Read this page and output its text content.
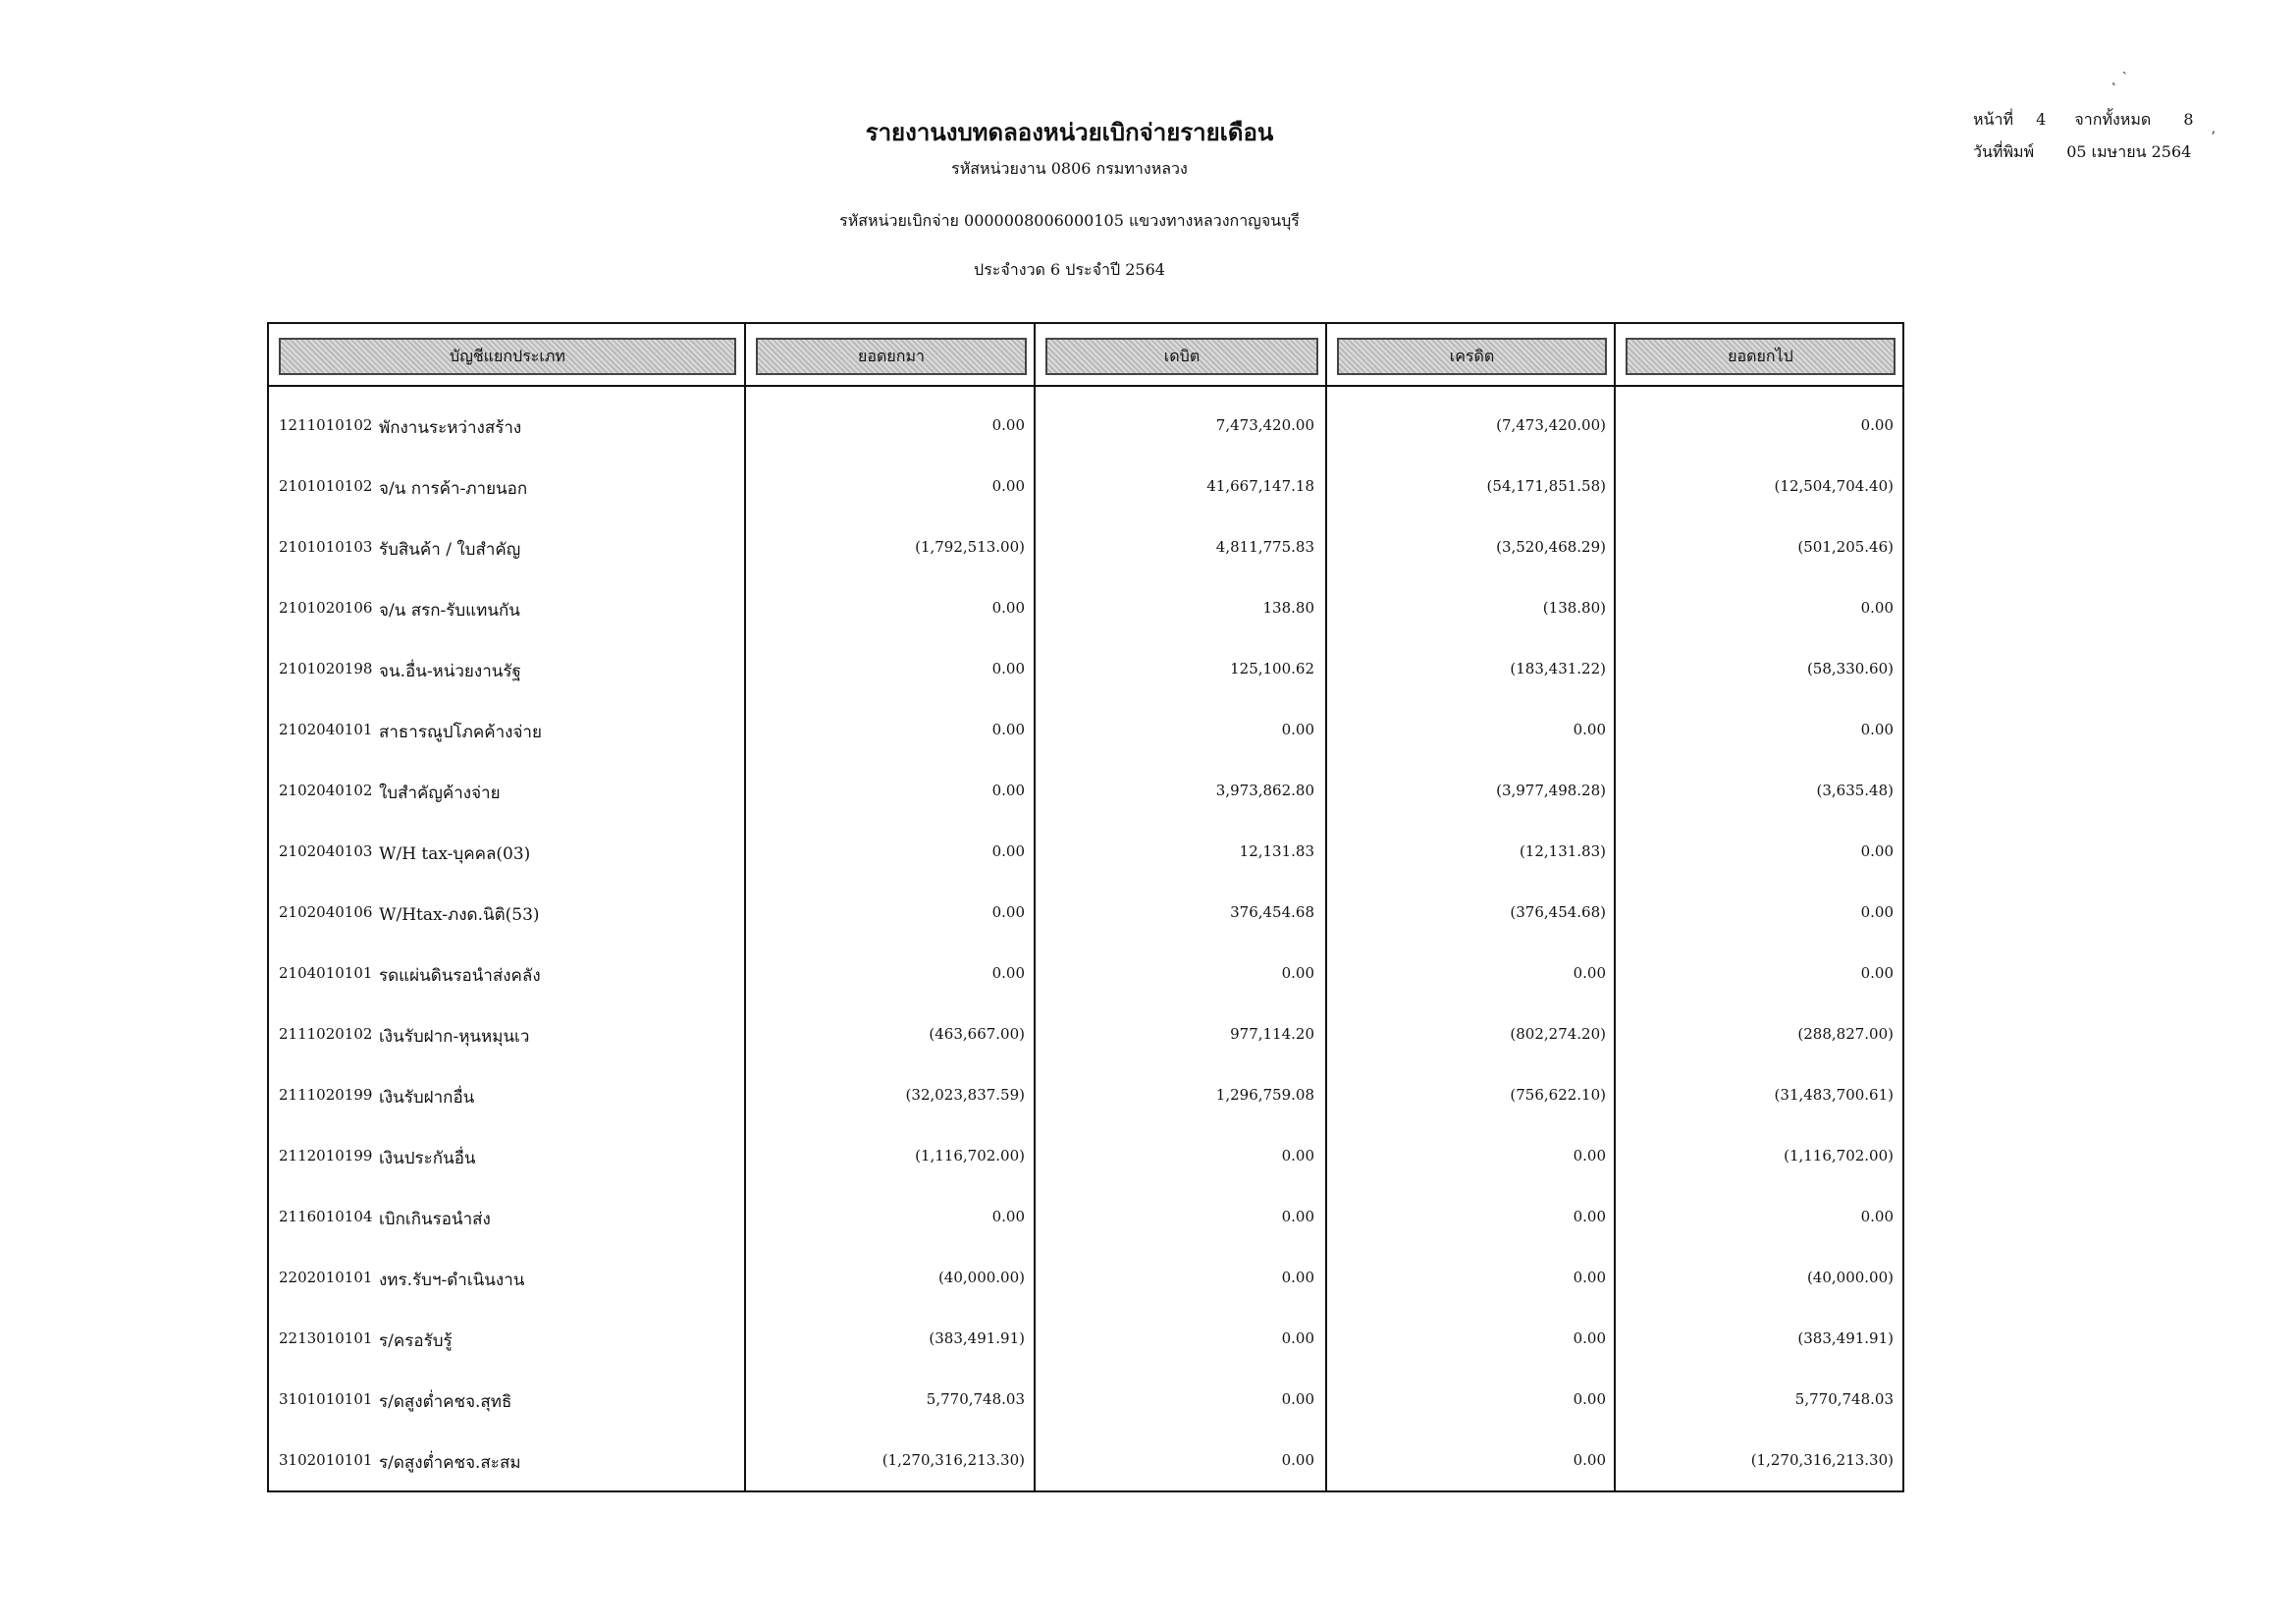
รายงานงบทดลองหน่วยเบิกจ่ายรายเดือน
รหัสหน่วยงาน 0806 กรมทางหลวง
รหัสหน่วยเบิกจ่าย 0000008006000105 แขวงทางหลวงกาญจนบุรี
ประจำงวด 6 ประจำปี 2564
หน้าที่ 4 จากทั้งหมด 8
วันที่พิมพ์ 05 เมษายน 2564
˛ ˋ
ʼ
บัญชีแยกประเภท	ยอดยกมา	เดบิต	เครดิต	ยอดยกไป
1211010102 พักงานระหว่างสร้าง	0.00	7,473,420.00	(7,473,420.00)	0.00
2101010102 จ/น การค้า-ภายนอก	0.00	41,667,147.18	(54,171,851.58)	(12,504,704.40)
2101010103 รับสินค้า / ใบสำคัญ	(1,792,513.00)	4,811,775.83	(3,520,468.29)	(501,205.46)
2101020106 จ/น สรก-รับแทนกัน	0.00	138.80	(138.80)	0.00
2101020198 จน.อื่น-หน่วยงานรัฐ	0.00	125,100.62	(183,431.22)	(58,330.60)
2102040101 สาธารณูปโภคค้างจ่าย	0.00	0.00	0.00	0.00
2102040102 ใบสำคัญค้างจ่าย	0.00	3,973,862.80	(3,977,498.28)	(3,635.48)
2102040103 W/H tax-บุคคล(03)	0.00	12,131.83	(12,131.83)	0.00
2102040106 W/Htax-ภงด.นิติ(53)	0.00	376,454.68	(376,454.68)	0.00
2104010101 รดแผ่นดินรอนำส่งคลัง	0.00	0.00	0.00	0.00
2111020102 เงินรับฝาก-หุนหมุนเว	(463,667.00)	977,114.20	(802,274.20)	(288,827.00)
2111020199 เงินรับฝากอื่น	(32,023,837.59)	1,296,759.08	(756,622.10)	(31,483,700.61)
2112010199 เงินประกันอื่น	(1,116,702.00)	0.00	0.00	(1,116,702.00)
2116010104 เบิกเกินรอนำส่ง	0.00	0.00	0.00	0.00
2202010101 งทร.รับฯ-ดำเนินงาน	(40,000.00)	0.00	0.00	(40,000.00)
2213010101 ร/ครอรับรู้	(383,491.91)	0.00	0.00	(383,491.91)
3101010101 ร/ดสูงต่ำคชจ.สุทธิ	5,770,748.03	0.00	0.00	5,770,748.03
3102010101 ร/ดสูงต่ำคชจ.สะสม	(1,270,316,213.30)	0.00	0.00	(1,270,316,213.30)
